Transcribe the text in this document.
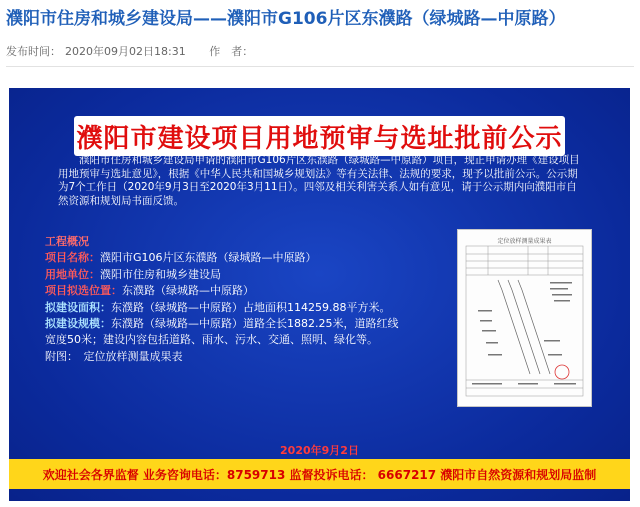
濮阳市住房和城乡建设局——濮阳市G106片区东濮路（绿城路—中原路）
发布时间： 2020年09月02日18:31 作　者：
濮阳市建设项目用地预审与选址批前公示
濮阳市住房和城乡建设局申请的濮阳市G106片区东濮路（绿城路—中原路）项目，现正申请办理《建设项目用地预审与选址意见》，根据《中华人民共和国城乡规划法》等有关法律、法规的要求，现予以批前公示。公示期为7个工作日（2020年9月3日至2020年3月11日）。四邻及相关利害关系人如有意见，请于公示期内向濮阳市自然资源和规划局书面反馈。
工程概况
项目名称：濮阳市G106片区东濮路（绿城路—中原路）
用地单位：濮阳市住房和城乡建设局
项目拟选位置：东濮路（绿城路—中原路）
拟建设面积：东濮路（绿城路—中原路）占地面积114259.88平方米。
拟建设规模：东濮路（绿城路—中原路）道路全长1882.25米，道路红线
宽度50米；建设内容包括道路、雨水、污水、交通、照明、绿化等。
附图：　定位放样测量成果表
定位放样测量成果表
2020年9月2日
欢迎社会各界监督 业务咨询电话：8759713 监督投诉电话： 6667217 濮阳市自然资源和规划局监制
